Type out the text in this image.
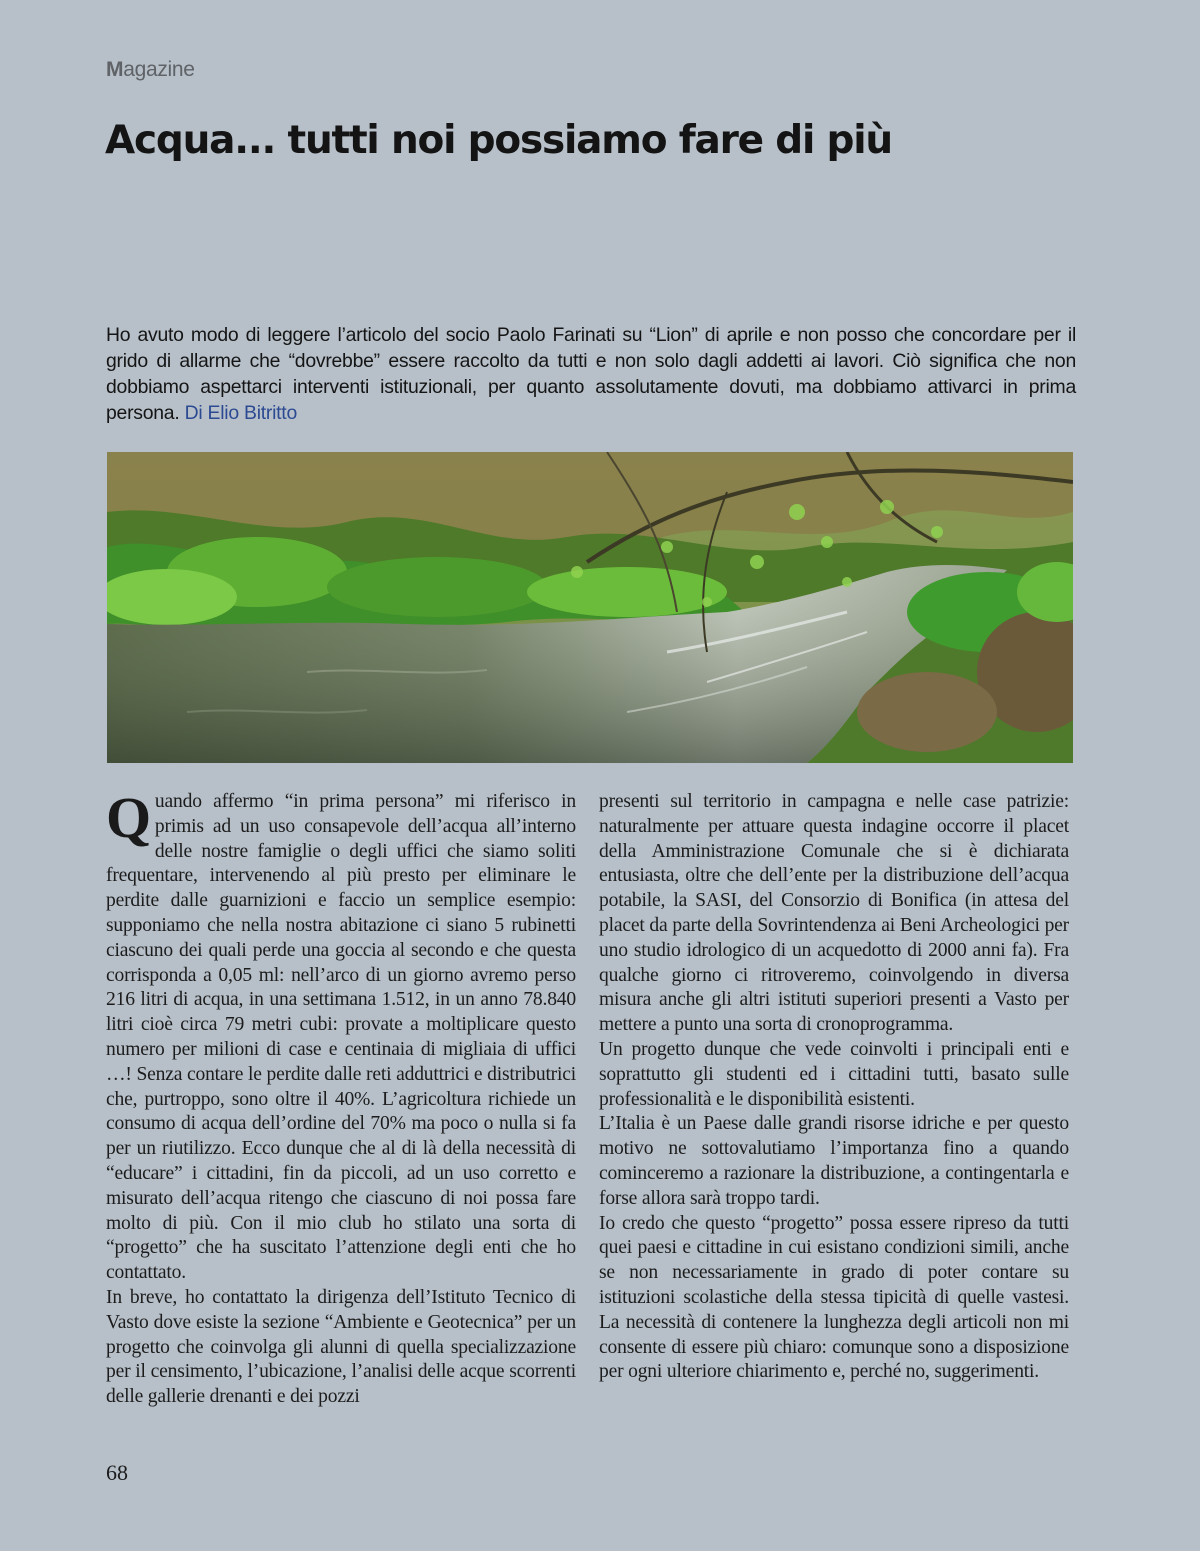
Magazine
Acqua... tutti noi possiamo fare di più

Ho avuto modo di leggere l’articolo del socio Paolo Farinati su “Lion” di aprile e non posso che concordare per il grido di allarme che “dovrebbe” essere raccolto da tutti e non solo dagli addetti ai lavori. Ciò significa che non dobbiamo aspettarci interventi istituzionali, per quanto assolutamente dovuti, ma dobbiamo attivarci in prima persona. Di Elio Bitritto

Quando affermo “in prima persona” mi riferisco in primis ad un uso consapevole dell’acqua all’interno delle nostre famiglie o degli uffici che siamo soliti frequentare, intervenendo al più presto per eliminare le perdite dalle guarnizioni e faccio un semplice esempio: supponiamo che nella nostra abitazione ci siano 5 rubinetti ciascuno dei quali perde una goccia al secondo e che questa corrisponda a 0,05 ml: nell’arco di un giorno avremo perso 216 litri di acqua, in una settimana 1.512, in un anno 78.840 litri cioè circa 79 metri cubi: provate a moltiplicare questo numero per milioni di case e centinaia di migliaia di uffici …! Senza contare le perdite dalle reti adduttrici e distributrici che, purtroppo, sono oltre il 40%. L’agricoltura richiede un consumo di acqua dell’ordine del 70% ma poco o nulla si fa per un riutilizzo. Ecco dunque che al di là della necessità di “educare” i cittadini, fin da piccoli, ad un uso corretto e misurato dell’acqua ritengo che ciascuno di noi possa fare molto di più. Con il mio club ho stilato una sorta di “progetto” che ha suscitato l’attenzione degli enti che ho contattato.

In breve, ho contattato la dirigenza dell’Istituto Tecnico di Vasto dove esiste la sezione “Ambiente e Geotecnica” per un progetto che coinvolga gli alunni di quella specializzazione per il censimento, l’ubicazione, l’analisi delle acque scorrenti delle gallerie drenanti e dei pozzi

presenti sul territorio in campagna e nelle case patrizie: naturalmente per attuare questa indagine occorre il placet della Amministrazione Comunale che si è dichiarata entusiasta, oltre che dell’ente per la distribuzione dell’acqua potabile, la SASI, del Consorzio di Bonifica (in attesa del placet da parte della Sovrintendenza ai Beni Archeologici per uno studio idrologico di un acquedotto di 2000 anni fa). Fra qualche giorno ci ritroveremo, coinvolgendo in diversa misura anche gli altri istituti superiori presenti a Vasto per mettere a punto una sorta di cronoprogramma.

Un progetto dunque che vede coinvolti i principali enti e soprattutto gli studenti ed i cittadini tutti, basato sulle professionalità e le disponibilità esistenti.

L’Italia è un Paese dalle grandi risorse idriche e per questo motivo ne sottovalutiamo l’importanza fino a quando cominceremo a razionare la distribuzione, a contingentarla e forse allora sarà troppo tardi.

Io credo che questo “progetto” possa essere ripreso da tutti quei paesi e cittadine in cui esistano condizioni simili, anche se non necessariamente in grado di poter contare su istituzioni scolastiche della stessa tipicità di quelle vastesi. La necessità di contenere la lunghezza degli articoli non mi consente di essere più chiaro: comunque sono a disposizione per ogni ulteriore chiarimento e, perché no, suggerimenti.

68
